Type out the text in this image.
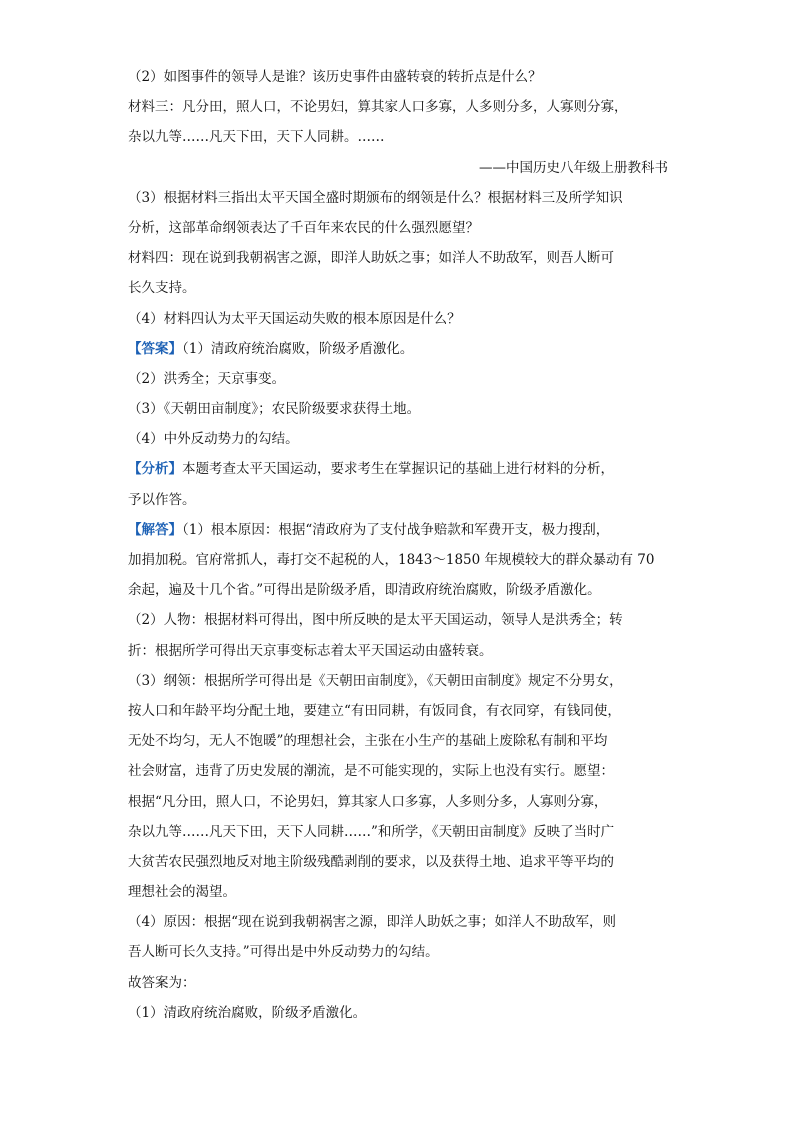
（2）如图事件的领导人是谁？该历史事件由盛转衰的转折点是什么？
材料三：凡分田，照人口，不论男妇，算其家人口多寡，人多则分多，人寡则分寡，
杂以九等……凡天下田，天下人同耕。……
——中国历史八年级上册教科书
（3）根据材料三指出太平天国全盛时期颁布的纲领是什么？根据材料三及所学知识
分析，这部革命纲领表达了千百年来农民的什么强烈愿望？
材料四：现在说到我朝祸害之源，即洋人助妖之事；如洋人不助敌军，则吾人断可
长久支持。
（4）材料四认为太平天国运动失败的根本原因是什么？
【答案】（1）清政府统治腐败，阶级矛盾激化。
（2）洪秀全；天京事变。
（3）《天朝田亩制度》；农民阶级要求获得土地。
（4）中外反动势力的勾结。
【分析】本题考查太平天国运动，要求考生在掌握识记的基础上进行材料的分析，
予以作答。
【解答】（1）根本原因：根据“清政府为了支付战争赔款和军费开支，极力搜刮，
加捐加税。官府常抓人，毒打交不起税的人，1843～1850 年规模较大的群众暴动有 70
余起，遍及十几个省。”可得出是阶级矛盾，即清政府统治腐败，阶级矛盾激化。
（2）人物：根据材料可得出，图中所反映的是太平天国运动，领导人是洪秀全；转
折：根据所学可得出天京事变标志着太平天国运动由盛转衰。
（3）纲领：根据所学可得出是《天朝田亩制度》，《天朝田亩制度》规定不分男女，
按人口和年龄平均分配土地，要建立“有田同耕，有饭同食，有衣同穿，有钱同使，
无处不均匀，无人不饱暖”的理想社会，主张在小生产的基础上废除私有制和平均
社会财富，违背了历史发展的潮流，是不可能实现的，实际上也没有实行。愿望：
根据“凡分田，照人口，不论男妇，算其家人口多寡，人多则分多，人寡则分寡，
杂以九等……凡天下田，天下人同耕……”和所学，《天朝田亩制度》反映了当时广
大贫苦农民强烈地反对地主阶级残酷剥削的要求，以及获得土地、追求平等平均的
理想社会的渴望。
（4）原因：根据“现在说到我朝祸害之源，即洋人助妖之事；如洋人不助敌军，则
吾人断可长久支持。”可得出是中外反动势力的勾结。
故答案为：
（1）清政府统治腐败，阶级矛盾激化。
